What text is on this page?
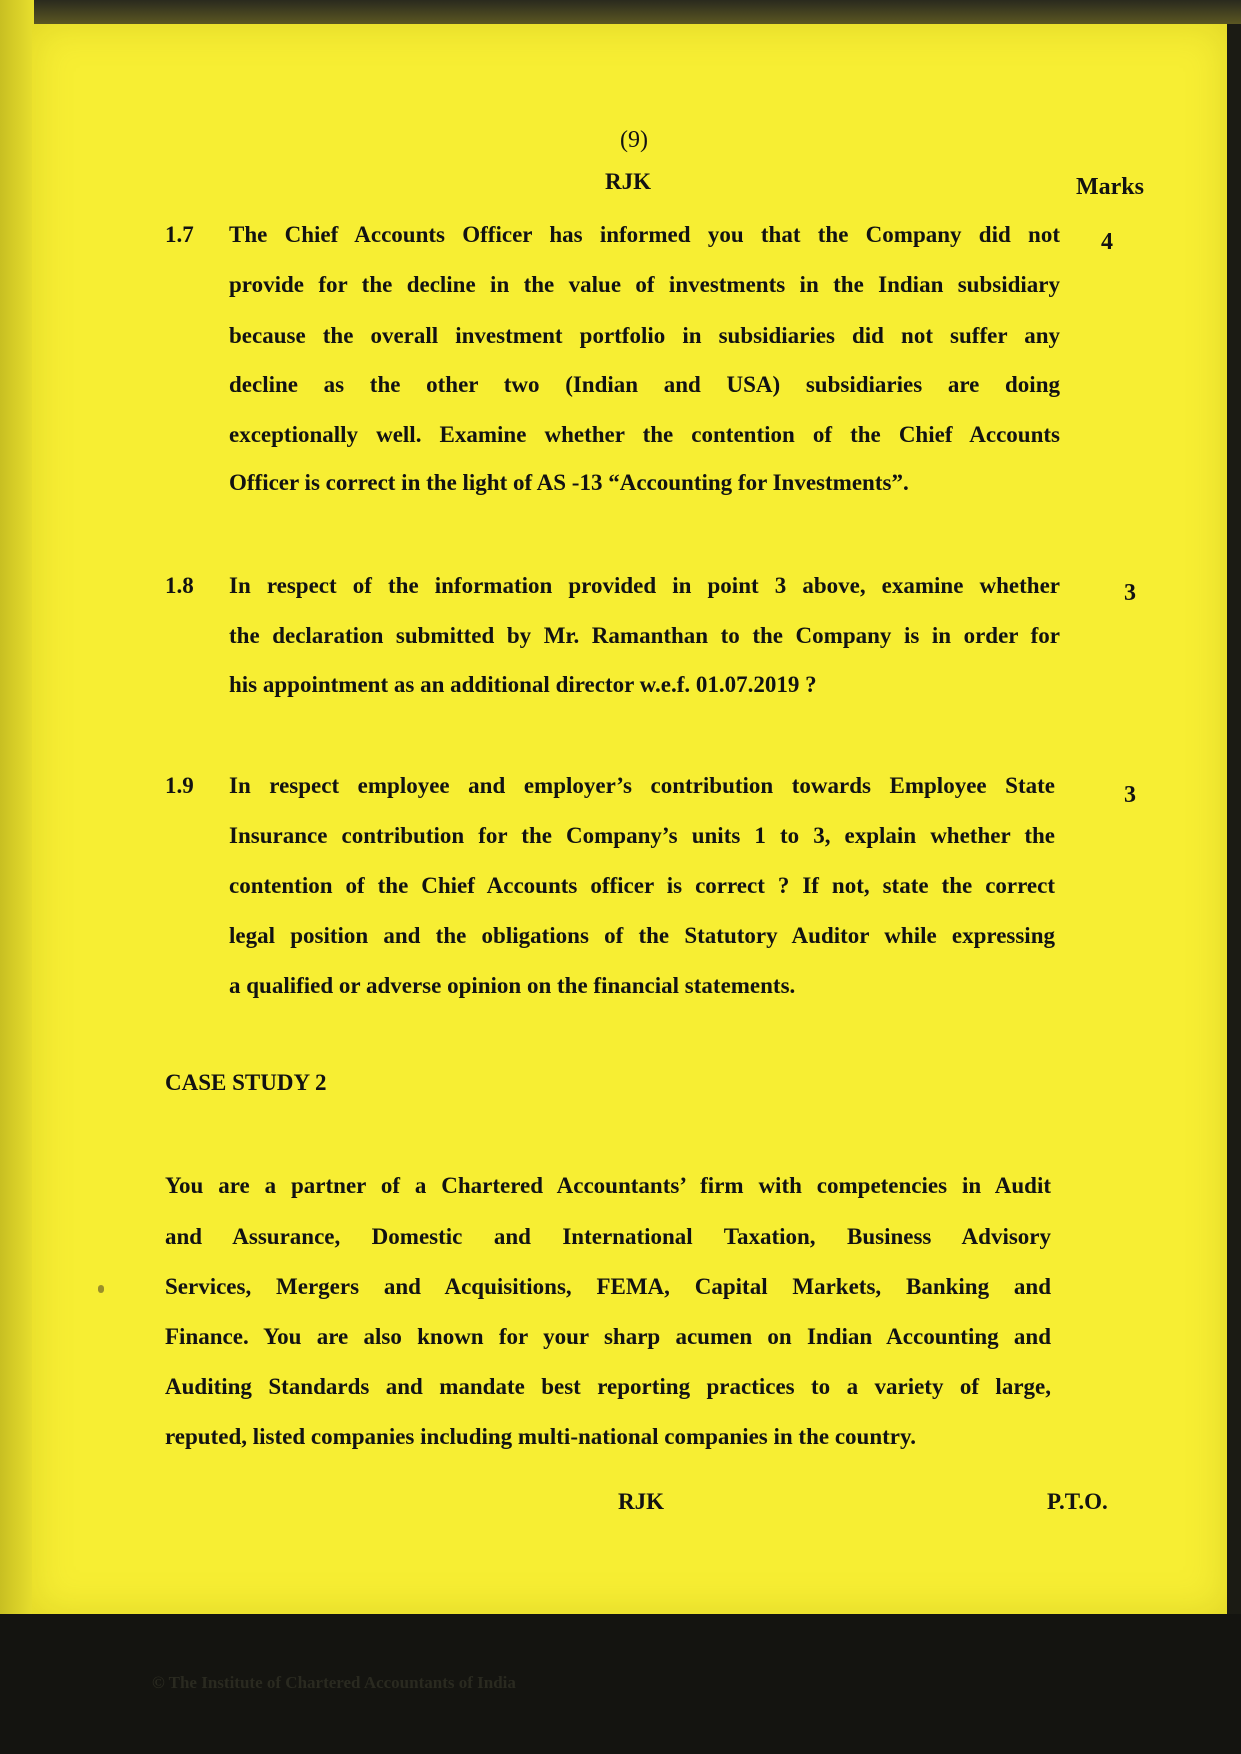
(9)
RJK	Marks
1.7	4
The Chief Accounts Officer has informed you that the Company did not
provide for the decline in the value of investments in the Indian subsidiary
because the overall investment portfolio in subsidiaries did not suffer any
decline as the other two (Indian and USA) subsidiaries are doing
exceptionally well. Examine whether the contention of the Chief Accounts
Officer is correct in the light of AS -13 “Accounting for Investments”.
1.8	3
In respect of the information provided in point 3 above, examine whether
the declaration submitted by Mr. Ramanthan to the Company is in order for
his appointment as an additional director w.e.f. 01.07.2019 ?
1.9	3
In respect employee and employer’s contribution towards Employee State
Insurance contribution for the Company’s units 1 to 3, explain whether the
contention of the Chief Accounts officer is correct ? If not, state the correct
legal position and the obligations of the Statutory Auditor while expressing
a qualified or adverse opinion on the financial statements.
CASE STUDY 2
You are a partner of a Chartered Accountants’ firm with competencies in Audit
and Assurance, Domestic and International Taxation, Business Advisory
Services, Mergers and Acquisitions, FEMA, Capital Markets, Banking and
Finance. You are also known for your sharp acumen on Indian Accounting and
Auditing Standards and mandate best reporting practices to a variety of large,
reputed, listed companies including multi-national companies in the country.
RJK	P.T.O.
© The Institute of Chartered Accountants of India
